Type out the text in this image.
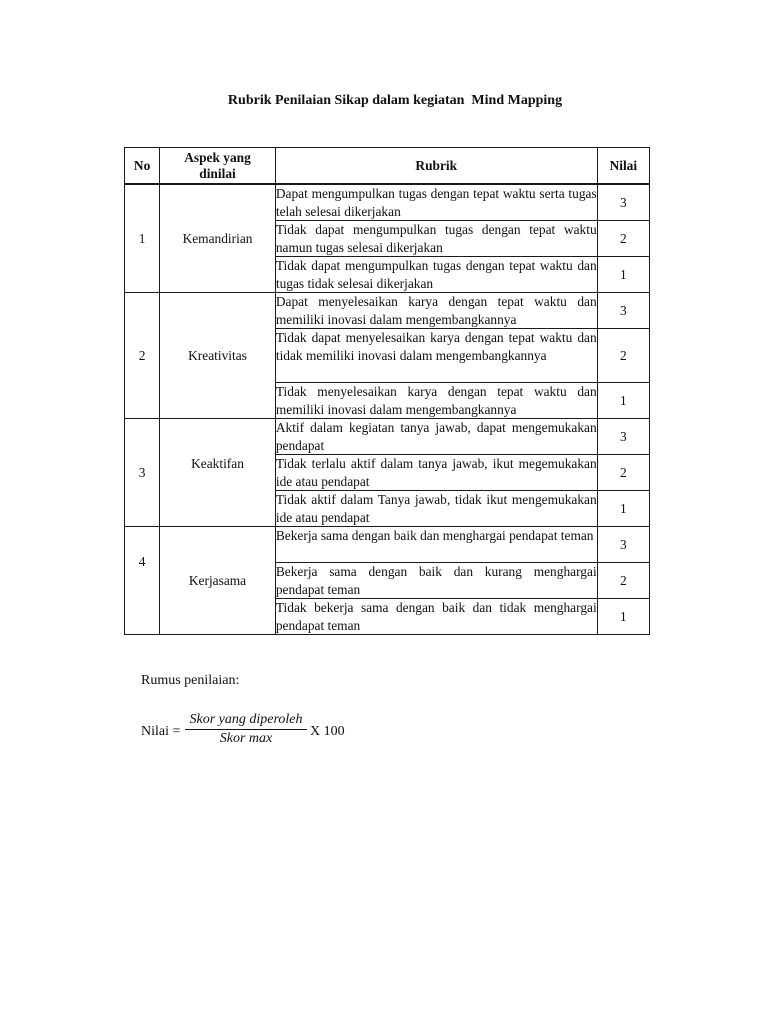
Rubrik Penilaian Sikap dalam kegiatan  Mind Mapping
No	Aspek yang dinilai	Rubrik	Nilai
1	Kemandirian	Dapat mengumpulkan tugas dengan tepat waktu serta tugas telah selesai dikerjakan	3
		Tidak dapat mengumpulkan tugas dengan tepat waktu namun tugas selesai dikerjakan	2
		Tidak dapat mengumpulkan tugas dengan tepat waktu dan tugas tidak selesai dikerjakan	1
2	Kreativitas	Dapat menyelesaikan karya dengan tepat waktu dan memiliki inovasi dalam mengembangkannya	3
		Tidak dapat menyelesaikan karya dengan tepat waktu dan tidak memiliki inovasi dalam mengembangkannya	2
		Tidak menyelesaikan karya dengan tepat waktu dan memiliki inovasi dalam mengembangkannya	1
3	Keaktifan	Aktif dalam kegiatan tanya jawab, dapat mengemukakan pendapat	3
		Tidak terlalu aktif dalam tanya jawab, ikut megemukakan ide atau pendapat	2
		Tidak aktif dalam Tanya jawab, tidak ikut mengemukakan ide atau pendapat	1
4	Kerjasama	Bekerja sama dengan baik dan menghargai pendapat teman	3
		Bekerja sama dengan baik dan kurang menghargai pendapat teman	2
		Tidak bekerja sama dengan baik dan tidak menghargai pendapat teman	1
Rumus penilaian:
Nilai =
Skor yang diperoleh
Skor max	X 100
